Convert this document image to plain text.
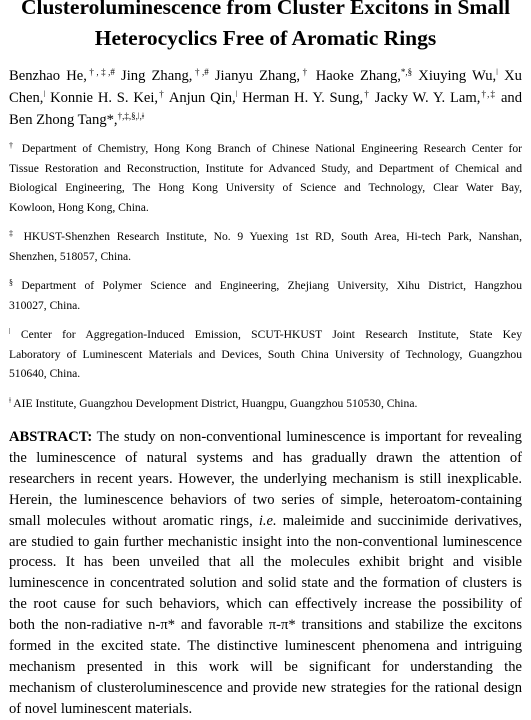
Clusteroluminescence from Cluster Excitons in Small
Heterocyclics Free of Aromatic Rings
Benzhao He,†,‡,# Jing Zhang,†,# Jianyu Zhang,† Haoke Zhang,*,§ Xiuying Wu,$^ǀ$ Xu
Chen,$^ǀ$ Konnie H. S. Kei,† Anjun Qin,$^ǀ$ Herman H. Y. Sung,† Jacky W. Y. Lam,†,‡ and
Ben Zhong Tang*,$^{\dagger,\ddagger,\S,ǀ,ǂ}$
† Department of Chemistry, Hong Kong Branch of Chinese National Engineering Research Center for
Tissue Restoration and Reconstruction, Institute for Advanced Study, and Department of Chemical and
Biological Engineering, The Hong Kong University of Science and Technology, Clear Water Bay,
Kowloon, Hong Kong, China.
‡ HKUST-Shenzhen Research Institute, No. 9 Yuexing 1st RD, South Area, Hi-tech Park, Nanshan,
Shenzhen, 518057, China.
§ Department of Polymer Science and Engineering, Zhejiang University, Xihu District, Hangzhou
310027, China.
$^ǀ$ Center for Aggregation-Induced Emission, SCUT-HKUST Joint Research Institute, State Key
Laboratory of Luminescent Materials and Devices, South China University of Technology, Guangzhou
510640, China.
$^ǂ$ AIE Institute, Guangzhou Development District, Huangpu, Guangzhou 510530, China.
ABSTRACT: The study on non-conventional luminescence is important for revealing
the luminescence of natural systems and has gradually drawn the attention of
researchers in recent years. However, the underlying mechanism is still inexplicable.
Herein, the luminescence behaviors of two series of simple, heteroatom-containing
small molecules without aromatic rings, i.e. maleimide and succinimide derivatives,
are studied to gain further mechanistic insight into the non-conventional luminescence
process. It has been unveiled that all the molecules exhibit bright and visible
luminescence in concentrated solution and solid state and the formation of clusters is
the root cause for such behaviors, which can effectively increase the possibility of
both the non-radiative n-π* and favorable π-π* transitions and stabilize the excitons
formed in the excited state. The distinctive luminescent phenomena and intriguing
mechanism presented in this work will be significant for understanding the
mechanism of clusteroluminescence and provide new strategies for the rational design
of novel luminescent materials.
